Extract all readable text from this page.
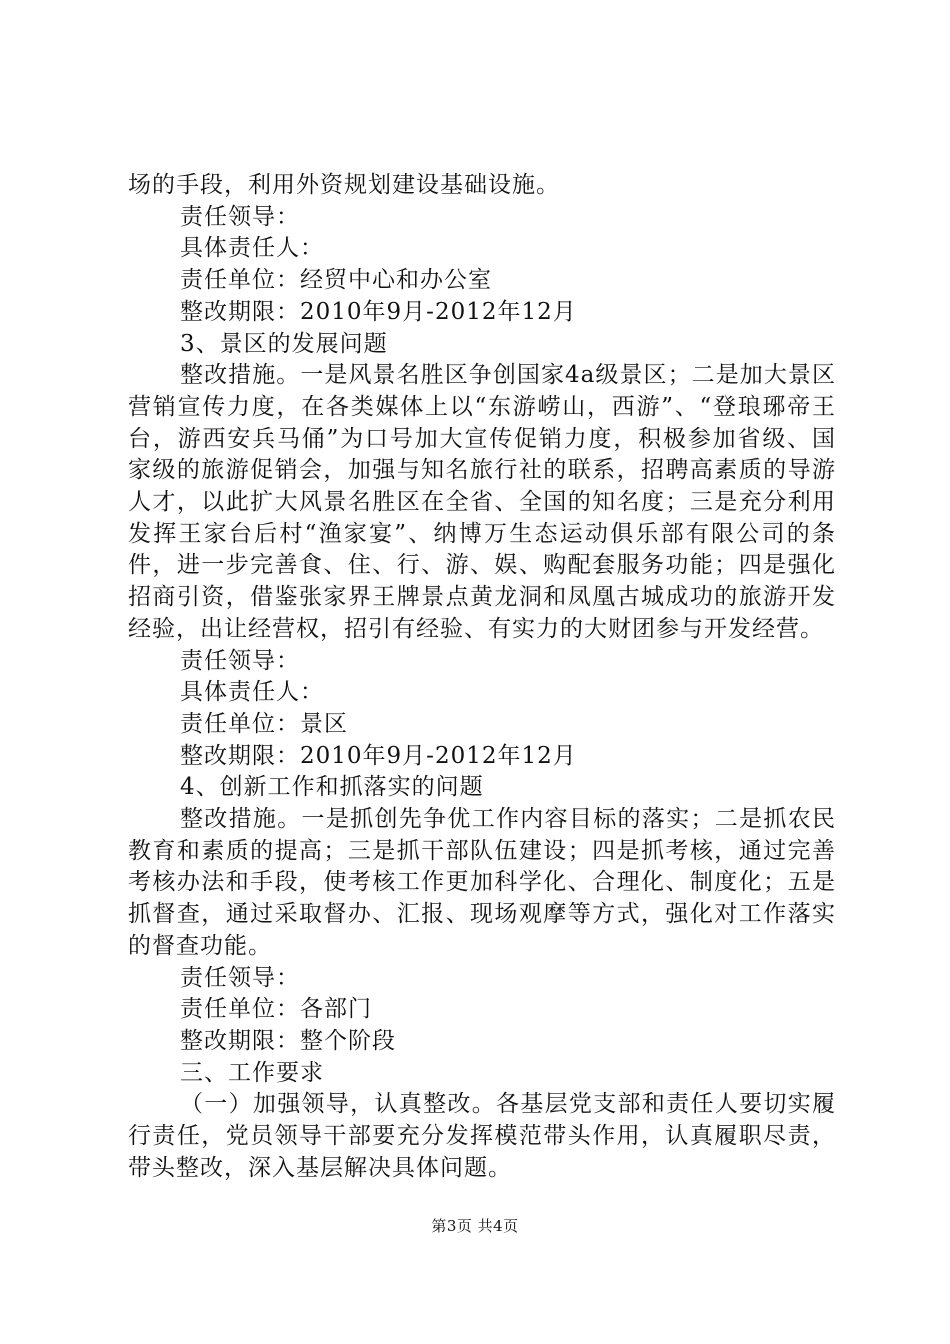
场的手段，利用外资规划建设基础设施。
责任领导：
具体责任人：
责任单位：经贸中心和办公室
整改期限：2010年9月-2012年12月
3、景区的发展问题

整改措施。一是风景名胜区争创国家4a级景区；二是加大景区营销宣传力度，在各类媒体上以“东游崂山，西游”、“登琅琊帝王台，游西安兵马俑”为口号加大宣传促销力度，积极参加省级、国家级的旅游促销会，加强与知名旅行社的联系，招聘高素质的导游人才，以此扩大风景名胜区在全省、全国的知名度；三是充分利用发挥王家台后村“渔家宴”、纳博万生态运动俱乐部有限公司的条件，进一步完善食、住、行、游、娱、购配套服务功能；四是强化招商引资，借鉴张家界王牌景点黄龙洞和凤凰古城成功的旅游开发经验，出让经营权，招引有经验、有实力的大财团参与开发经营。

责任领导：
具体责任人：
责任单位：景区
整改期限：2010年9月-2012年12月
4、创新工作和抓落实的问题

整改措施。一是抓创先争优工作内容目标的落实；二是抓农民教育和素质的提高；三是抓干部队伍建设；四是抓考核，通过完善考核办法和手段，使考核工作更加科学化、合理化、制度化；五是抓督查，通过采取督办、汇报、现场观摩等方式，强化对工作落实的督查功能。

责任领导：
责任单位：各部门
整改期限：整个阶段
三、工作要求

（一）加强领导，认真整改。各基层党支部和责任人要切实履行责任，党员领导干部要充分发挥模范带头作用，认真履职尽责，带头整改，深入基层解决具体问题。

第3页 共4页
